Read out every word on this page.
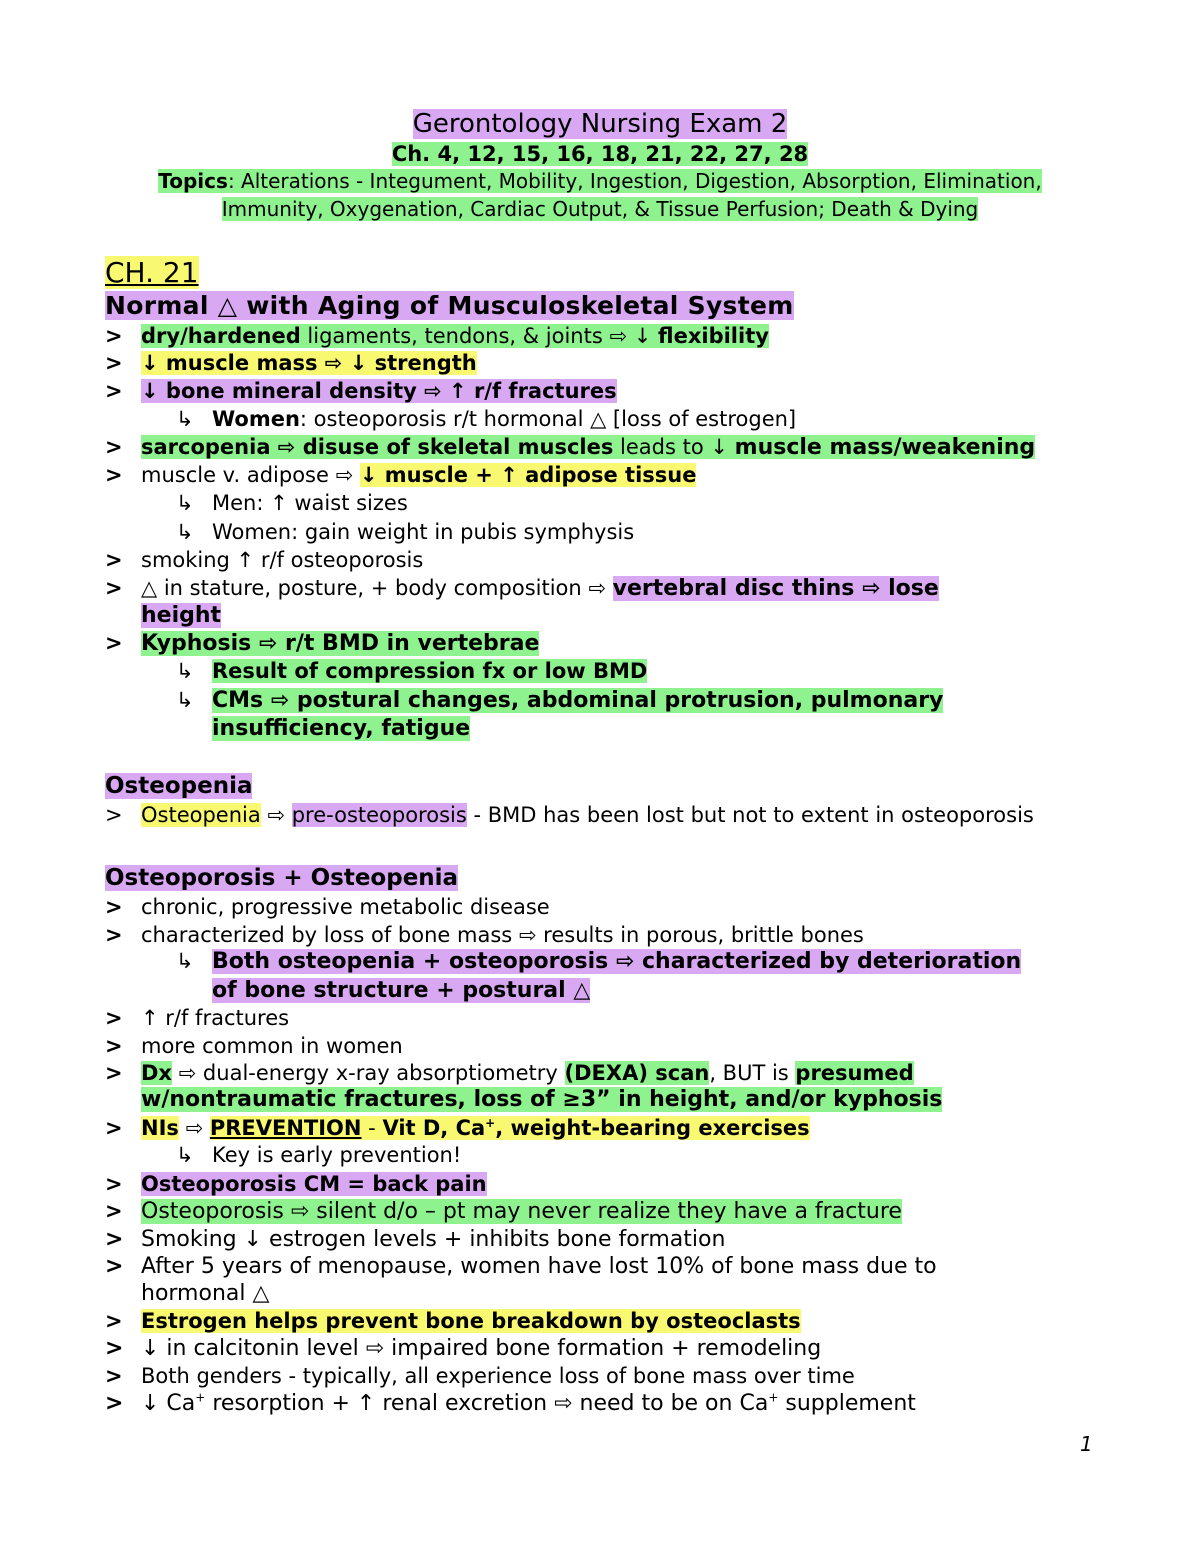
Gerontology Nursing Exam 2
Ch. 4, 12, 15, 16, 18, 21, 22, 27, 28
Topics: Alterations - Integument, Mobility, Ingestion, Digestion, Absorption, Elimination,
Immunity, Oxygenation, Cardiac Output, & Tissue Perfusion; Death & Dying
CH. 21
Normal △ with Aging of Musculoskeletal System
> dry/hardened ligaments, tendons, & joints ⇨ ↓ flexibility
> ↓ muscle mass ⇨ ↓ strength
> ↓ bone mineral density ⇨ ↑ r/f fractures
↳ Women: osteoporosis r/t hormonal △ [loss of estrogen]
> sarcopenia ⇨ disuse of skeletal muscles leads to ↓ muscle mass/weakening
> muscle v. adipose ⇨ ↓ muscle + ↑ adipose tissue
↳ Men: ↑ waist sizes
↳ Women: gain weight in pubis symphysis
> smoking ↑ r/f osteoporosis
> △ in stature, posture, + body composition ⇨ vertebral disc thins ⇨ lose
height
> Kyphosis ⇨ r/t BMD in vertebrae
↳ Result of compression fx or low BMD
↳ CMs ⇨ postural changes, abdominal protrusion, pulmonary
insufficiency, fatigue
Osteopenia
> Osteopenia ⇨ pre-osteoporosis - BMD has been lost but not to extent in osteoporosis
Osteoporosis + Osteopenia
> chronic, progressive metabolic disease
> characterized by loss of bone mass ⇨ results in porous, brittle bones
↳ Both osteopenia + osteoporosis ⇨ characterized by deterioration
of bone structure + postural △
> ↑ r/f fractures
> more common in women
> Dx ⇨ dual-energy x-ray absorptiometry (DEXA) scan, BUT is presumed
w/nontraumatic fractures, loss of ≥3” in height, and/or kyphosis
> NIs ⇨ PREVENTION - Vit D, Ca+, weight-bearing exercises
↳ Key is early prevention!
> Osteoporosis CM = back pain
> Osteoporosis ⇨ silent d/o – pt may never realize they have a fracture
> Smoking ↓ estrogen levels + inhibits bone formation
> After 5 years of menopause, women have lost 10% of bone mass due to
hormonal △
> Estrogen helps prevent bone breakdown by osteoclasts
> ↓ in calcitonin level ⇨ impaired bone formation + remodeling
> Both genders - typically, all experience loss of bone mass over time
> ↓ Ca+ resorption + ↑ renal excretion ⇨ need to be on Ca+ supplement
1
